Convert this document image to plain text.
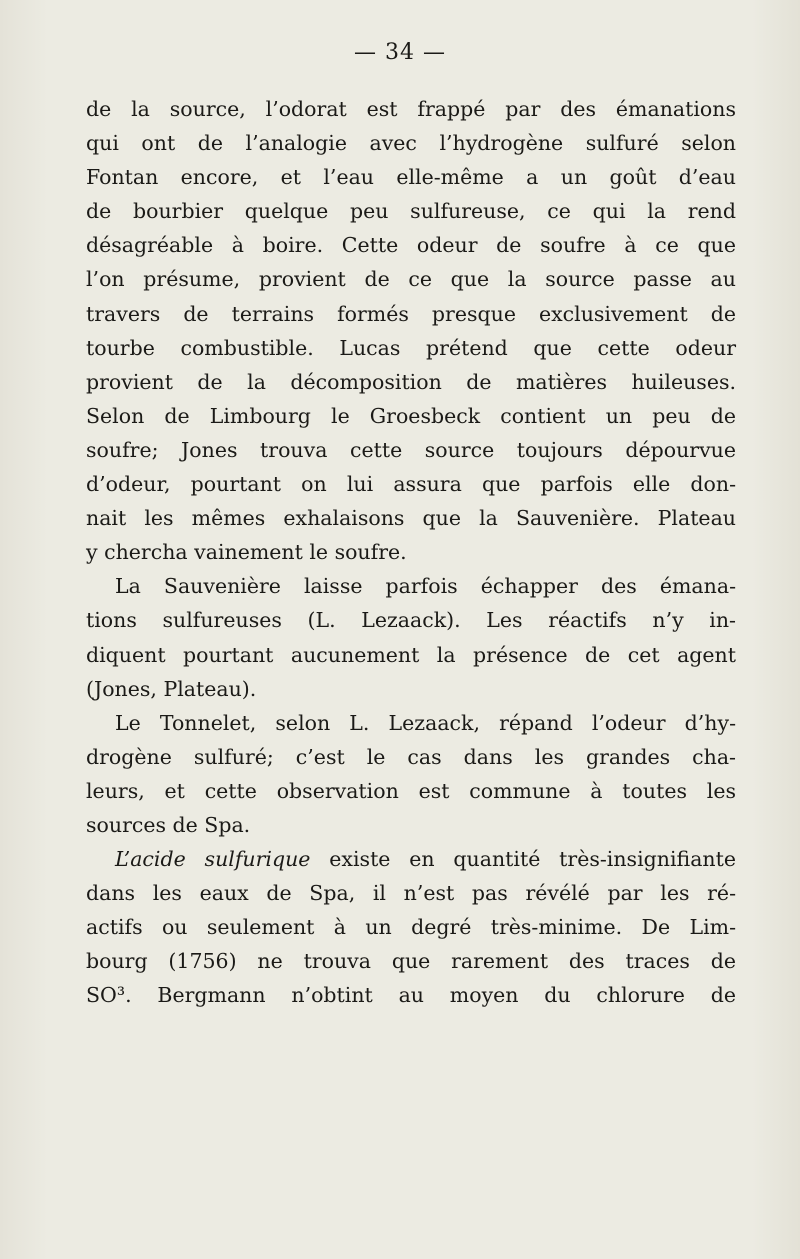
— 34 —
de la source, l’odorat est frappé par des émanations
qui ont de l’analogie avec l’hydrogène sulfuré selon
Fontan encore, et l’eau elle-même a un goût d’eau
de bourbier quelque peu sulfureuse, ce qui la rend
désagréable à boire. Cette odeur de soufre à ce que
l’on présume, provient de ce que la source passe au
travers de terrains formés presque exclusivement de
tourbe combustible. Lucas prétend que cette odeur
provient de la décomposition de matières huileuses.
Selon de Limbourg le Groesbeck contient un peu de
soufre; Jones trouva cette source toujours dépourvue
d’odeur, pourtant on lui assura que parfois elle don-
nait les mêmes exhalaisons que la Sauvenière. Plateau
y chercha vainement le soufre.
La Sauvenière laisse parfois échapper des émana-
tions sulfureuses (L. Lezaack). Les réactifs n’y in-
diquent pourtant aucunement la présence de cet agent
(Jones, Plateau).
Le Tonnelet, selon L. Lezaack, répand l’odeur d’hy-
drogène sulfuré; c’est le cas dans les grandes cha-
leurs, et cette observation est commune à toutes les
sources de Spa.
L’acide sulfurique existe en quantité très-insignifiante
dans les eaux de Spa, il n’est pas révélé par les ré-
actifs ou seulement à un degré très-minime. De Lim-
bourg (1756) ne trouva que rarement des traces de
SO³. Bergmann n’obtint au moyen du chlorure de
